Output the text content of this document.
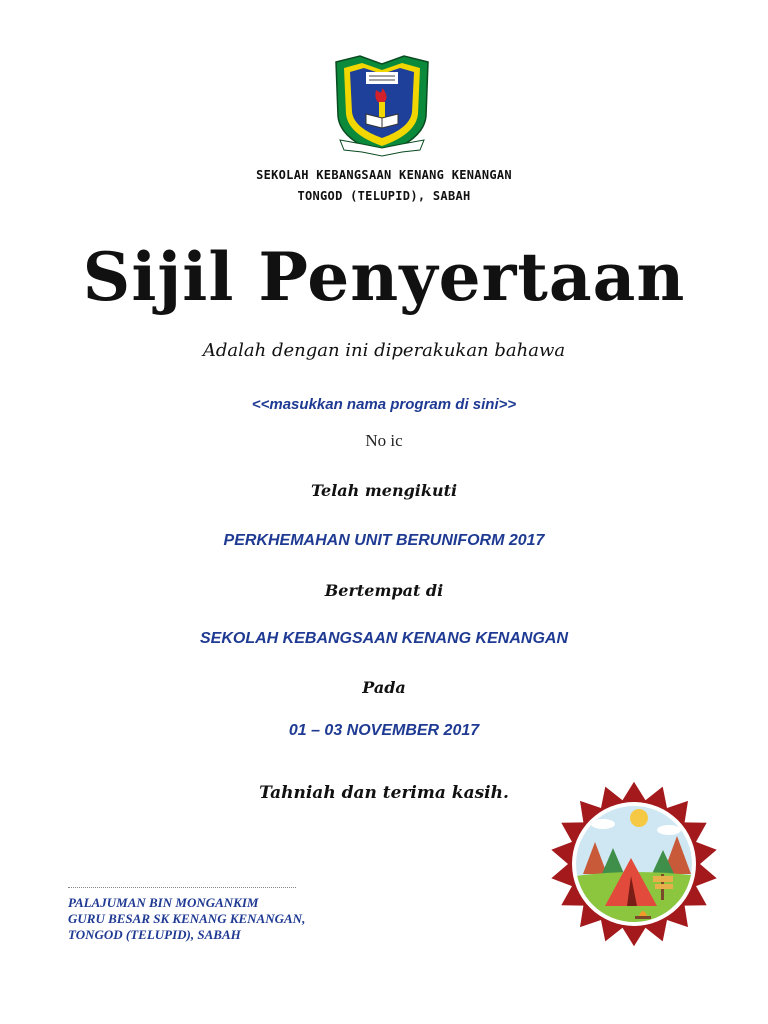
SEKOLAH KEBANGSAAN KENANG KENANGAN
TONGOD (TELUPID), SABAH
Sijil Penyertaan
Adalah dengan ini diperakukan bahawa
<<masukkan nama program di sini>>
No ic
Telah mengikuti
PERKHEMAHAN UNIT BERUNIFORM 2017
Bertempat di
SEKOLAH KEBANGSAAN KENANG KENANGAN
Pada
01 – 03 NOVEMBER 2017
Tahniah dan terima kasih.
PALAJUMAN BIN MONGANKIM
GURU BESAR SK KENANG KENANGAN,
TONGOD (TELUPID), SABAH
